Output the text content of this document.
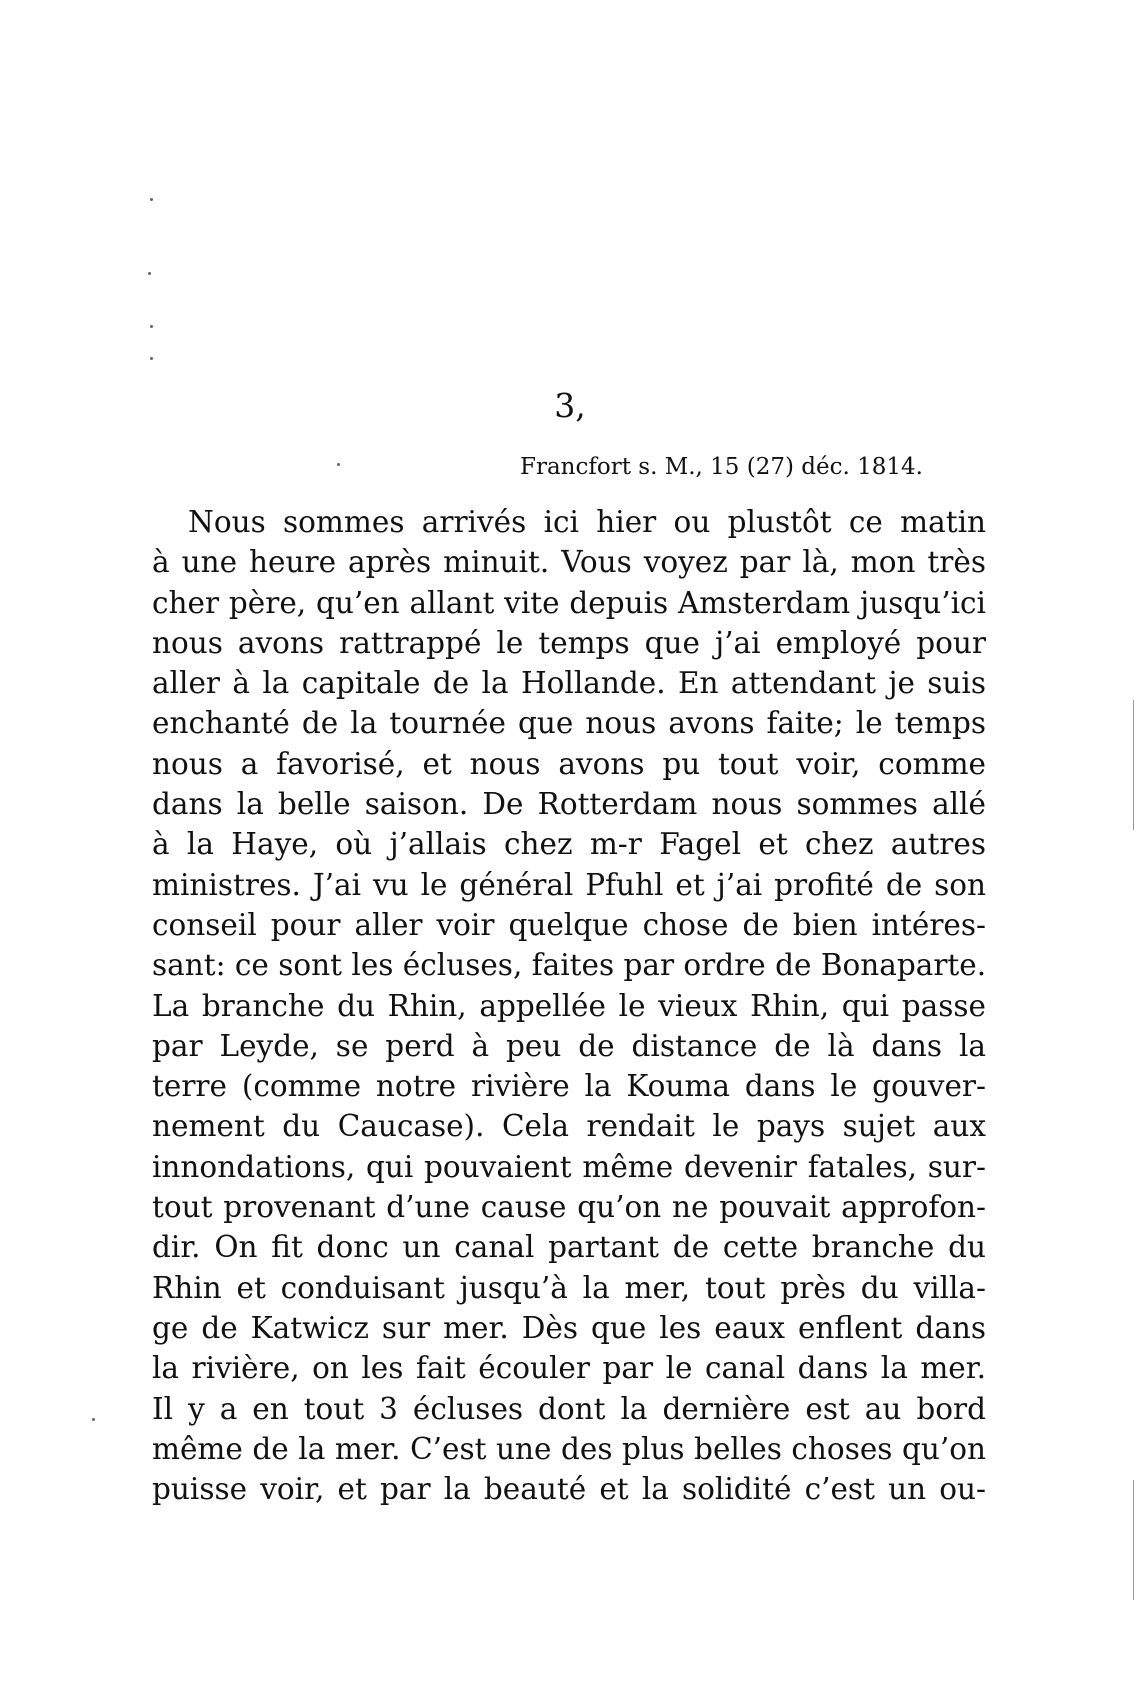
3,
Francfort s. M., 15 (27) déc. 1814.
Nous sommes arrivés ici hier ou plustôt ce matin
à une heure après minuit. Vous voyez par là, mon très
cher père, qu’en allant vite depuis Amsterdam jusqu’ici
nous avons rattrappé le temps que j’ai employé pour
aller à la capitale de la Hollande. En attendant je suis
enchanté de la tournée que nous avons faite; le temps
nous a favorisé, et nous avons pu tout voir, comme
dans la belle saison. De Rotterdam nous sommes allé
à la Haye, où j’allais chez m-r Fagel et chez autres
ministres. J’ai vu le général Pfuhl et j’ai profité de son
conseil pour aller voir quelque chose de bien intéres-
sant: ce sont les écluses, faites par ordre de Bonaparte.
La branche du Rhin, appellée le vieux Rhin, qui passe
par Leyde, se perd à peu de distance de là dans la
terre (comme notre rivière la Kouma dans le gouver-
nement du Caucase). Cela rendait le pays sujet aux
innondations, qui pouvaient même devenir fatales, sur-
tout provenant d’une cause qu’on ne pouvait approfon-
dir. On fit donc un canal partant de cette branche du
Rhin et conduisant jusqu’à la mer, tout près du villa-
ge de Katwicz sur mer. Dès que les eaux enflent dans
la rivière, on les fait écouler par le canal dans la mer.
Il y a en tout 3 écluses dont la dernière est au bord
même de la mer. C’est une des plus belles choses qu’on
puisse voir, et par la beauté et la solidité c’est un ou-
